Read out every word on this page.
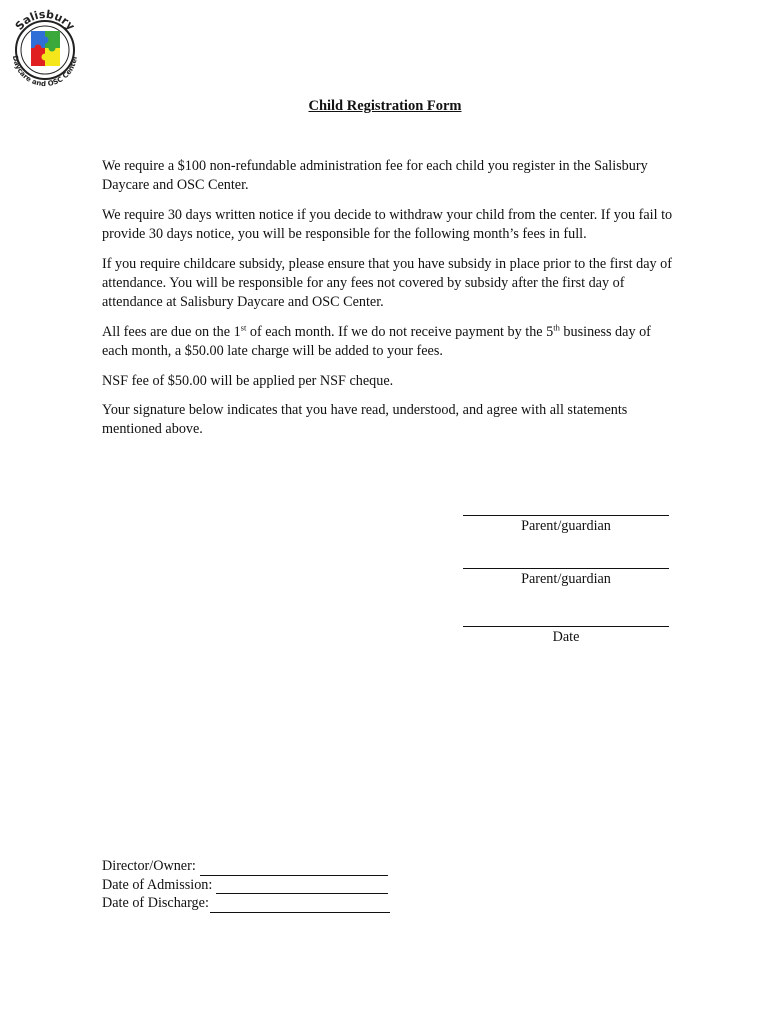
Salisbury
Daycare and OSC Center
Child Registration Form

We require a $100 non-refundable administration fee for each child you register in the Salisbury Daycare and OSC Center.

We require 30 days written notice if you decide to withdraw your child from the center. If you fail to provide 30 days notice, you will be responsible for the following month’s fees in full.

If you require childcare subsidy, please ensure that you have subsidy in place prior to the first day of attendance. You will be responsible for any fees not covered by subsidy after the first day of attendance at Salisbury Daycare and OSC Center.

All fees are due on the 1st of each month. If we do not receive payment by the 5th business day of each month, a $50.00 late charge will be added to your fees.

NSF fee of $50.00 will be applied per NSF cheque.

Your signature below indicates that you have read, understood, and agree with all statements mentioned above.

Parent/guardian
Parent/guardian
Date
Director/Owner:
Date of Admission:
Date of Discharge:
